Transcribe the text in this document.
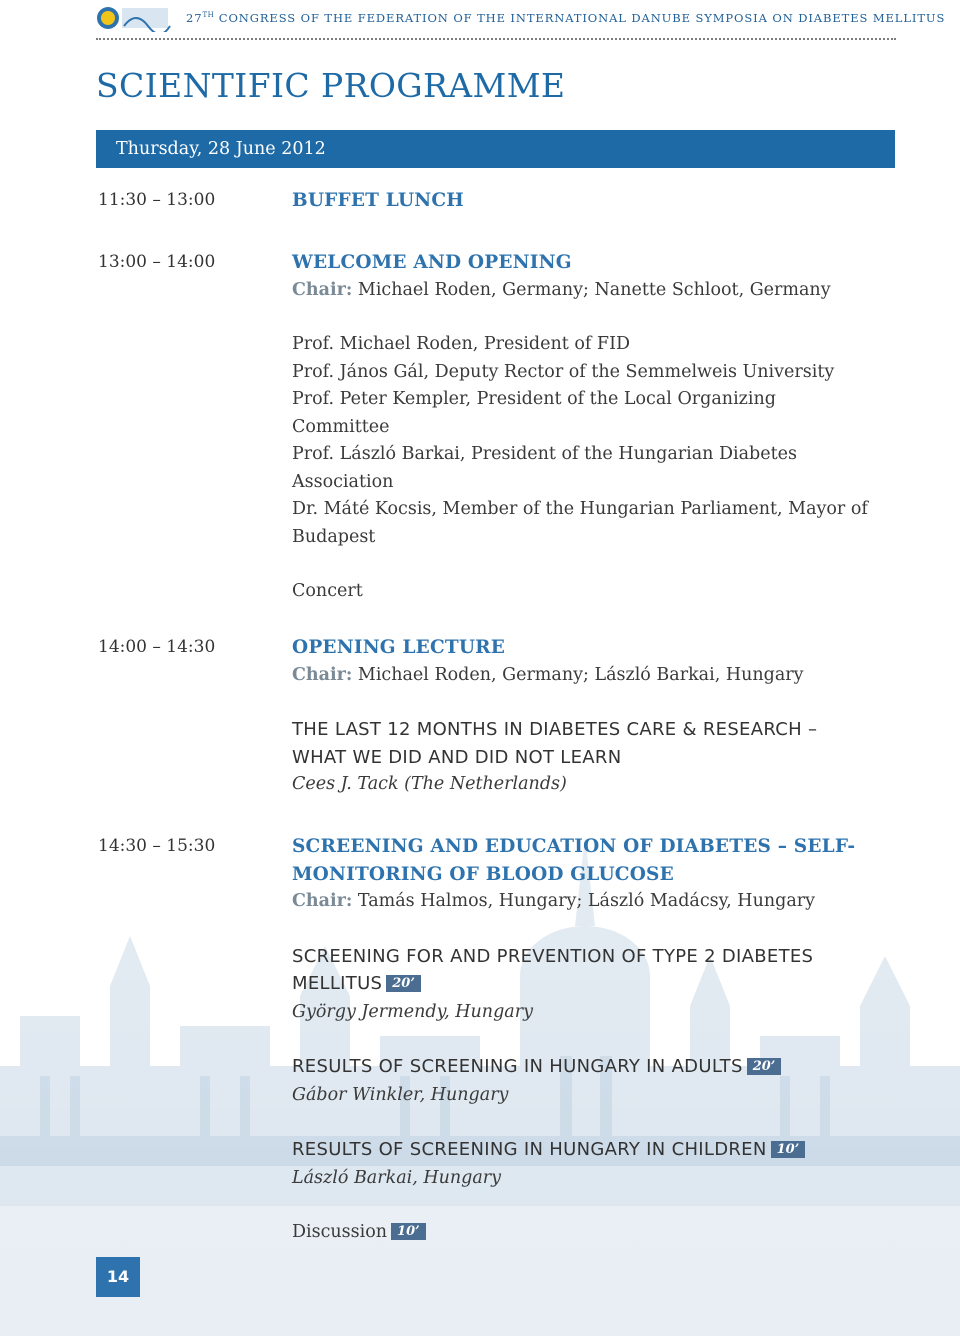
27TH CONGRESS OF THE FEDERATION OF THE INTERNATIONAL DANUBE SYMPOSIA ON DIABETES MELLITUS
SCIENTIFIC PROGRAMME
Thursday, 28 June 2012
11:30 – 13:00	BUFFET LUNCH

13:00 – 14:00	WELCOME AND OPENING

Chair: Michael Roden, Germany; Nanette Schloot, Germany

Prof. Michael Roden, President of FID

Prof. János Gál, Deputy Rector of the Semmelweis University

Prof. Peter Kempler, President of the Local Organizing

Committee

Prof. László Barkai, President of the Hungarian Diabetes

Association

Dr. Máté Kocsis, Member of the Hungarian Parliament, Mayor of

Budapest

Concert

14:00 – 14:30	OPENING LECTURE

Chair: Michael Roden, Germany; László Barkai, Hungary

THE LAST 12 MONTHS IN DIABETES CARE & RESEARCH –

WHAT WE DID AND DID NOT LEARN

Cees J. Tack (The Netherlands)

14:30 – 15:30	SCREENING AND EDUCATION OF DIABETES – SELF-

MONITORING OF BLOOD GLUCOSE

Chair: Tamás Halmos, Hungary; László Madácsy, Hungary

SCREENING FOR AND PREVENTION OF TYPE 2 DIABETES

MELLITUS 20’

György Jermendy, Hungary

RESULTS OF SCREENING IN HUNGARY IN ADULTS 20’

Gábor Winkler, Hungary

RESULTS OF SCREENING IN HUNGARY IN CHILDREN 10’

László Barkai, Hungary

Discussion 10’

14
